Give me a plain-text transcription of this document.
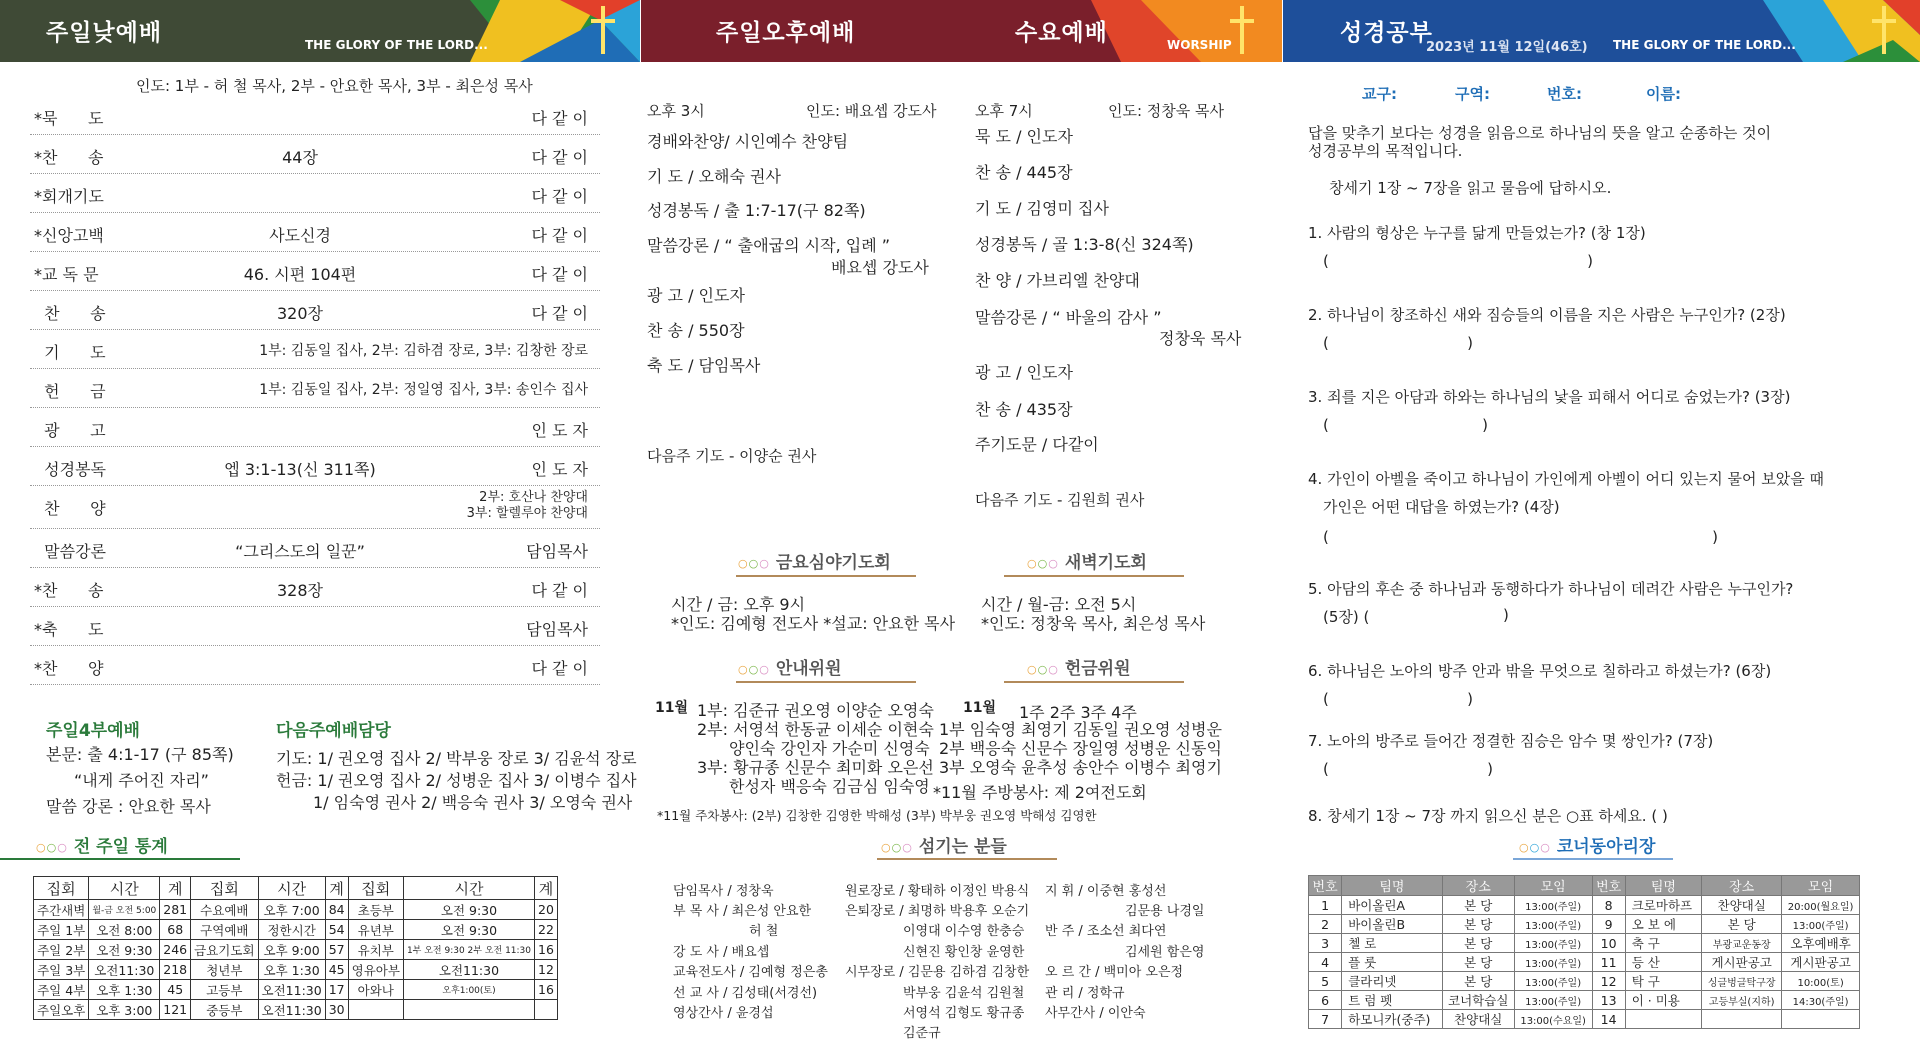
주일낮예배	THE GLORY OF THE LORD...
인도: 1부 - 허 철 목사, 2부 - 안요한 목사, 3부 - 최은성 목사
*묵      도	다 같 이
*찬      송	44장	다 같 이
*회개기도	다 같 이
*신앙고백	사도신경	다 같 이
*교 독 문	46. 시편 104편	다 같 이
찬      송	320장	다 같 이
기      도	1부: 김동일 집사, 2부: 김하겸 장로, 3부: 김창한 장로
헌      금	1부: 김동일 집사, 2부: 정일영 집사, 3부: 송인수 집사
광      고	인 도 자
성경봉독	엡 3:1-13(신 311쪽)	인 도 자
찬      양
2부: 호산나 찬양대
3부: 할렐루야 찬양대
말씀강론	“그리스도의 일꾼”	담임목사
*찬      송	328장	다 같 이
*축      도	담임목사
*찬      양	다 같 이
주일4부예배
본문: 출 4:1-17 (구 85쪽)
“내게 주어진 자리”
말씀 강론 : 안요한 목사
다음주예배담당
기도: 1/ 권오영 집사 2/ 박부웅 장로 3/ 김윤석 장로
헌금: 1/ 권오영 집사 2/ 성병운 집사 3/ 이병수 집사
1/ 임숙영 권사 2/ 백응숙 권사 3/ 오영숙 권사
○○○ 전 주일 통계
집회	시간	계	집회	시간	계	집회	시간	계
주간새벽	월-금 오전 5:00	281	수요예배	오후 7:00	84	초등부	오전 9:30	20
주일 1부	오전 8:00	68	구역예배	정한시간	54	유년부	오전 9:30	22
주일 2부	오전 9:30	246	금요기도회	오후 9:00	57	유치부	1부 오전 9:30 2부 오전 11:30	16
주일 3부	오전11:30	218	청년부	오후 1:30	45	영유아부	오전11:30	12
주일 4부	오후 1:30	45	고등부	오전11:30	17	아와나	오후1:00(토)	16
주일오후	오후 3:00	121	중등부	오전11:30	30			
주일오후예배	수요예배	WORSHIP
오후 3시	인도: 배요셉 강도사
경배와찬양/ 시인예수 찬양팀
기 도 / 오해숙 권사
성경봉독 / 출 1:7-17(구 82쪽)
말씀강론 / “ 출애굽의 시작, 입례 ”
배요셉 강도사
광 고 / 인도자
찬 송 / 550장
축 도 / 담임목사
다음주 기도 - 이양순 권사
오후 7시	인도: 정창욱 목사
묵 도 / 인도자
찬 송 / 445장
기 도 / 김영미 집사
성경봉독 / 골 1:3-8(신 324쪽)
찬 양 / 가브리엘 찬양대
말씀강론 / “ 바울의 감사 ”
정창욱 목사
광 고 / 인도자
찬 송 / 435장
주기도문 / 다같이
다음주 기도 - 김원희 권사
○○○ 금요심야기도회
시간 / 금: 오후 9시
*인도: 김예형 전도사 *설교: 안요한 목사
○○○ 새벽기도회
시간 / 월-금: 오전 5시
*인도: 정창욱 목사, 최은성 목사
○○○ 안내위원
11월 1부: 김준규 권오영 이양순 오영숙
2부: 서영석 한동균 이세순 이현숙
양인숙 강인자 가순미 신영숙
3부: 황규종 신문수 최미화 오은선
한성자 백응숙 김금심 임숙영
○○○ 헌금위원
11월 1주 2주 3주 4주
1부 임숙영 최영기 김동일 권오영 성병운
2부 백응숙 신문수 장일영 성병운 신동익
3부 오영숙 윤추성 송안수 이병수 최영기
*11월 주방봉사: 제 2여전도회
*11월 주차봉사: (2부) 김창한 김영한 박해성 (3부) 박부웅 권오영 박해성 김영한
○○○ 섬기는 분들
담임목사 / 정창욱
부 목 사 / 최은성 안요한
허 철
강 도 사 / 배요셉
교육전도사 / 김예형 정은총
선 교 사 / 김성태(서경선)
영상간사 / 윤경섭
원로장로 / 황태하 이정인 박용식
은퇴장로 / 최명하 박용후 오순기
이영대 이수영 한충승
신현진 황인창 윤영한
시무장로 / 김문용 김하겸 김창한
박부웅 김윤석 김원철
서영석 김형도 황규종
김준규
지 휘 / 이중현 홍성선
김문용 나경일
반 주 / 조소선 최다연
김세원 함은영
오 르 간 / 백미아 오은정
관 리 / 정학규
사무간사 / 이안숙
성경공부
2023년 11월 12일(46호) THE GLORY OF THE LORD...
교구:	구역:	번호:	이름:
답을 맞추기 보다는 성경을 읽음으로 하나님의 뜻을 알고 순종하는 것이
성경공부의 목적입니다.
창세기 1장 ~ 7장을 읽고 물음에 답하시오.
1. 사람의 형상은 누구를 닮게 만들었는가? (창 1장)
2. 하나님이 창조하신 새와 짐승들의 이름을 지은 사람은 누구인가? (2장)
3. 죄를 지은 아담과 하와는 하나님의 낯을 피해서 어디로 숨었는가? (3장)
4. 가인이 아벨을 죽이고 하나님이 가인에게 아벨이 어디 있는지 물어 보았을 때
5. 아담의 후손 중 하나님과 동행하다가 하나님이 데려간 사람은 누구인가?
6. 하나님은 노아의 방주 안과 밖을 무엇으로 칠하라고 하셨는가? (6장)
7. 노아의 방주로 들어간 정결한 짐승은 암수 몇 쌍인가? (7장)
8. 창세기 1장 ~ 7장 까지 읽으신 분은 ○표 하세요. ( )
가인은 어떤 대답을 하였는가? (4장)
(5장) (
(	)
(	)
(	)
(	)
(	)
(	)
)
○○○ 코너동아리장
번호	팀명	장소	모임	번호	팀명	장소	모임
1	바이올린A	본 당	13:00(주일)	8	크로마하프	찬양대실	20:00(월요일)
2	바이올린B	본 당	13:00(주일)	9	오 보 에	본 당	13:00(주일)
3	첼 로	본 당	13:00(주일)	10	축 구	부광교운동장	오후예배후
4	플 룻	본 당	13:00(주일)	11	등 산	게시판공고	게시판공고
5	클라리넷	본 당	13:00(주일)	12	탁 구	싱글벙글탁구장	10:00(토)
6	트 럼 펫	코너학습실	13:00(주일)	13	이 · 미용	고등부실(지하)	14:30(주일)
7	하모니카(중주)	찬양대실	13:00(수요일)	14			
